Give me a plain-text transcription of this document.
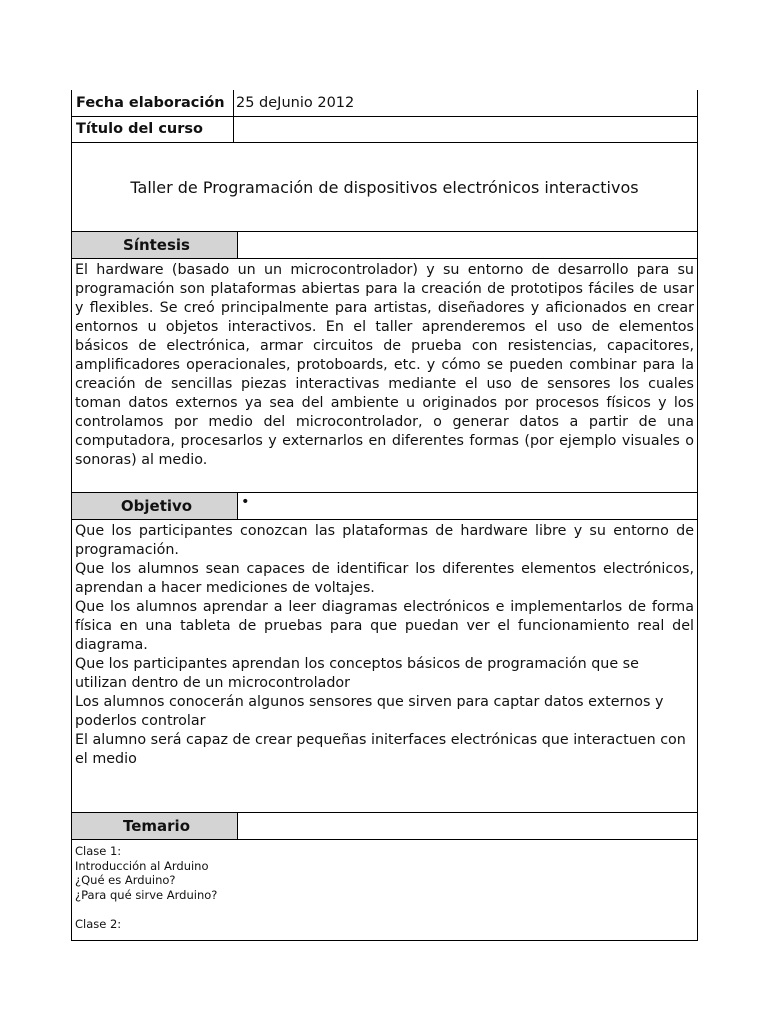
Fecha elaboración 25 deJunio 2012
Título del curso
Taller de Programación de dispositivos electrónicos interactivos
Síntesis
El hardware (basado un un microcontrolador) y su entorno de desarrollo para su programación son plataformas abiertas para la creación de prototipos fáciles de usar y flexibles. Se creó principalmente para artistas, diseñadores y aficionados en crear entornos u objetos interactivos. En el taller aprenderemos el uso de elementos básicos de electrónica, armar circuitos de prueba con resistencias, capacitores, amplificadores operacionales, protoboards, etc. y cómo se pueden combinar para la creación de sencillas piezas interactivas mediante el uso de sensores los cuales toman datos externos ya sea del ambiente u originados por procesos físicos y los controlamos por medio del microcontrolador, o generar datos a partir de una computadora, procesarlos y externarlos en diferentes formas (por ejemplo visuales o sonoras) al medio.
Objetivo	•

Que los participantes conozcan las plataformas de hardware libre y su entorno de programación.

Que los alumnos sean capaces de identificar los diferentes elementos electrónicos, aprendan a hacer mediciones de voltajes.

Que los alumnos aprendar a leer diagramas electrónicos e implementarlos de forma física en una tableta de pruebas para que puedan ver el funcionamiento real del diagrama.

Que los participantes aprendan los conceptos básicos de programación que se utilizan dentro de un microcontrolador

Los alumnos conocerán algunos sensores que sirven para captar datos externos y poderlos controlar

El alumno será capaz de crear pequeñas initerfaces electrónicas que interactuen con el medio

Temario
Clase 1:
Introducción al Arduino
¿Qué es Arduino?
¿Para qué sirve Arduino?
Clase 2:
